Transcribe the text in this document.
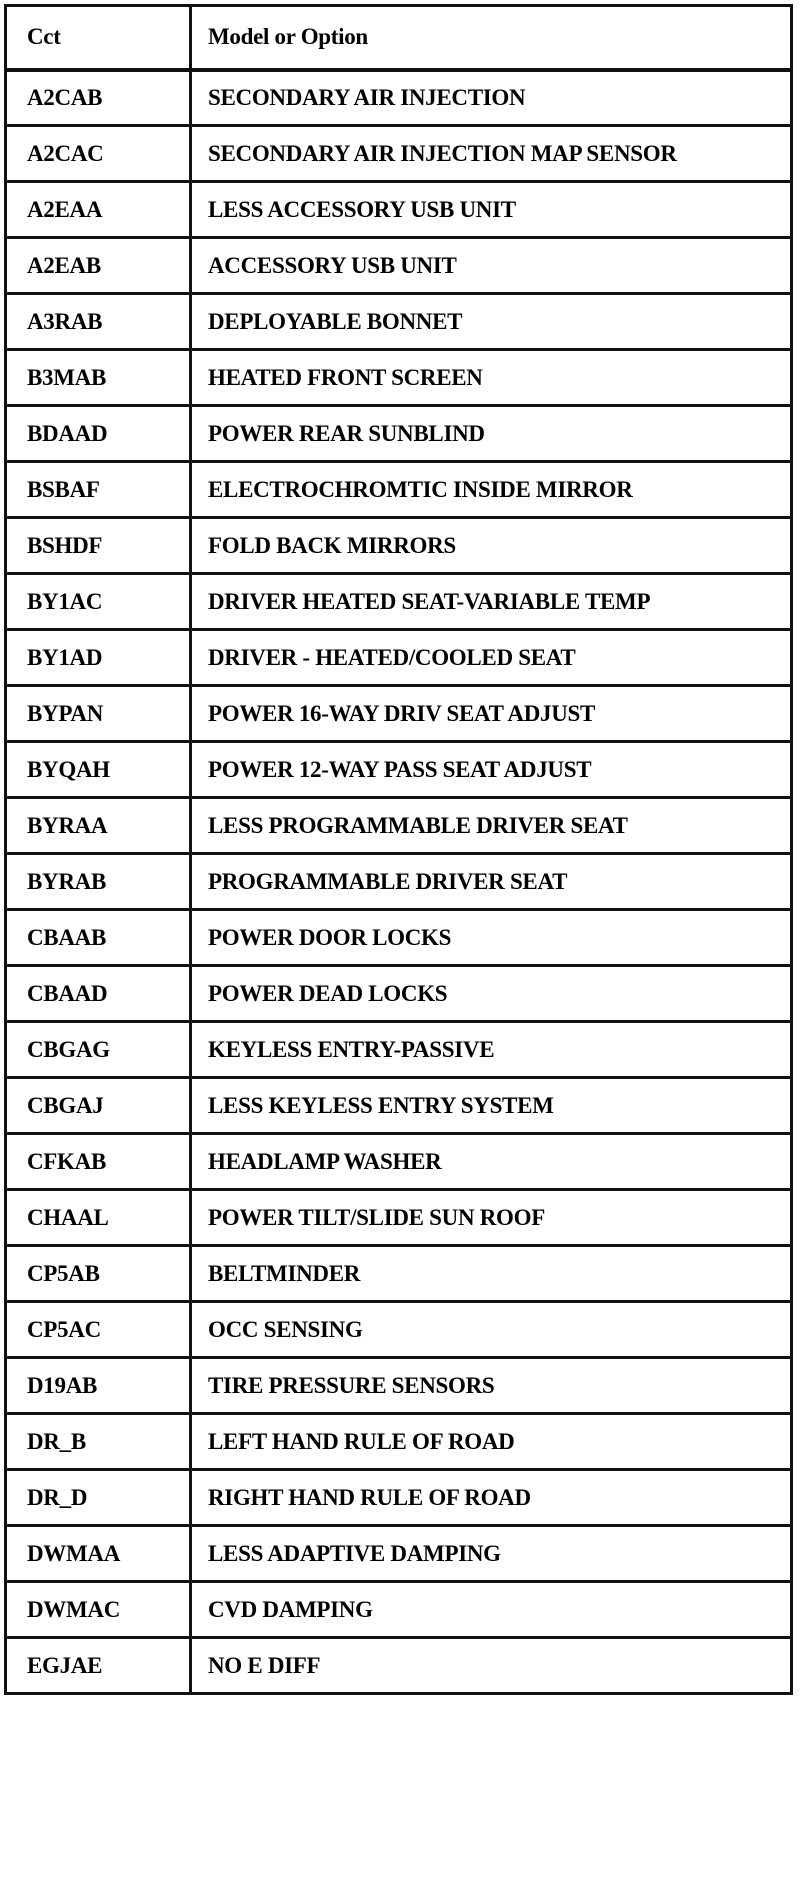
Cct	Model or Option
A2CAB	SECONDARY AIR INJECTION
A2CAC	SECONDARY AIR INJECTION MAP SENSOR
A2EAA	LESS ACCESSORY USB UNIT
A2EAB	ACCESSORY USB UNIT
A3RAB	DEPLOYABLE BONNET
B3MAB	HEATED FRONT SCREEN
BDAAD	POWER REAR SUNBLIND
BSBAF	ELECTROCHROMTIC INSIDE MIRROR
BSHDF	FOLD BACK MIRRORS
BY1AC	DRIVER HEATED SEAT-VARIABLE TEMP
BY1AD	DRIVER - HEATED/COOLED SEAT
BYPAN	POWER 16-WAY DRIV SEAT ADJUST
BYQAH	POWER 12-WAY PASS SEAT ADJUST
BYRAA	LESS PROGRAMMABLE DRIVER SEAT
BYRAB	PROGRAMMABLE DRIVER SEAT
CBAAB	POWER DOOR LOCKS
CBAAD	POWER DEAD LOCKS
CBGAG	KEYLESS ENTRY-PASSIVE
CBGAJ	LESS KEYLESS ENTRY SYSTEM
CFKAB	HEADLAMP WASHER
CHAAL	POWER TILT/SLIDE SUN ROOF
CP5AB	BELTMINDER
CP5AC	OCC SENSING
D19AB	TIRE PRESSURE SENSORS
DR_B	LEFT HAND RULE OF ROAD
DR_D	RIGHT HAND RULE OF ROAD
DWMAA	LESS ADAPTIVE DAMPING
DWMAC	CVD DAMPING
EGJAE	NO E DIFF
